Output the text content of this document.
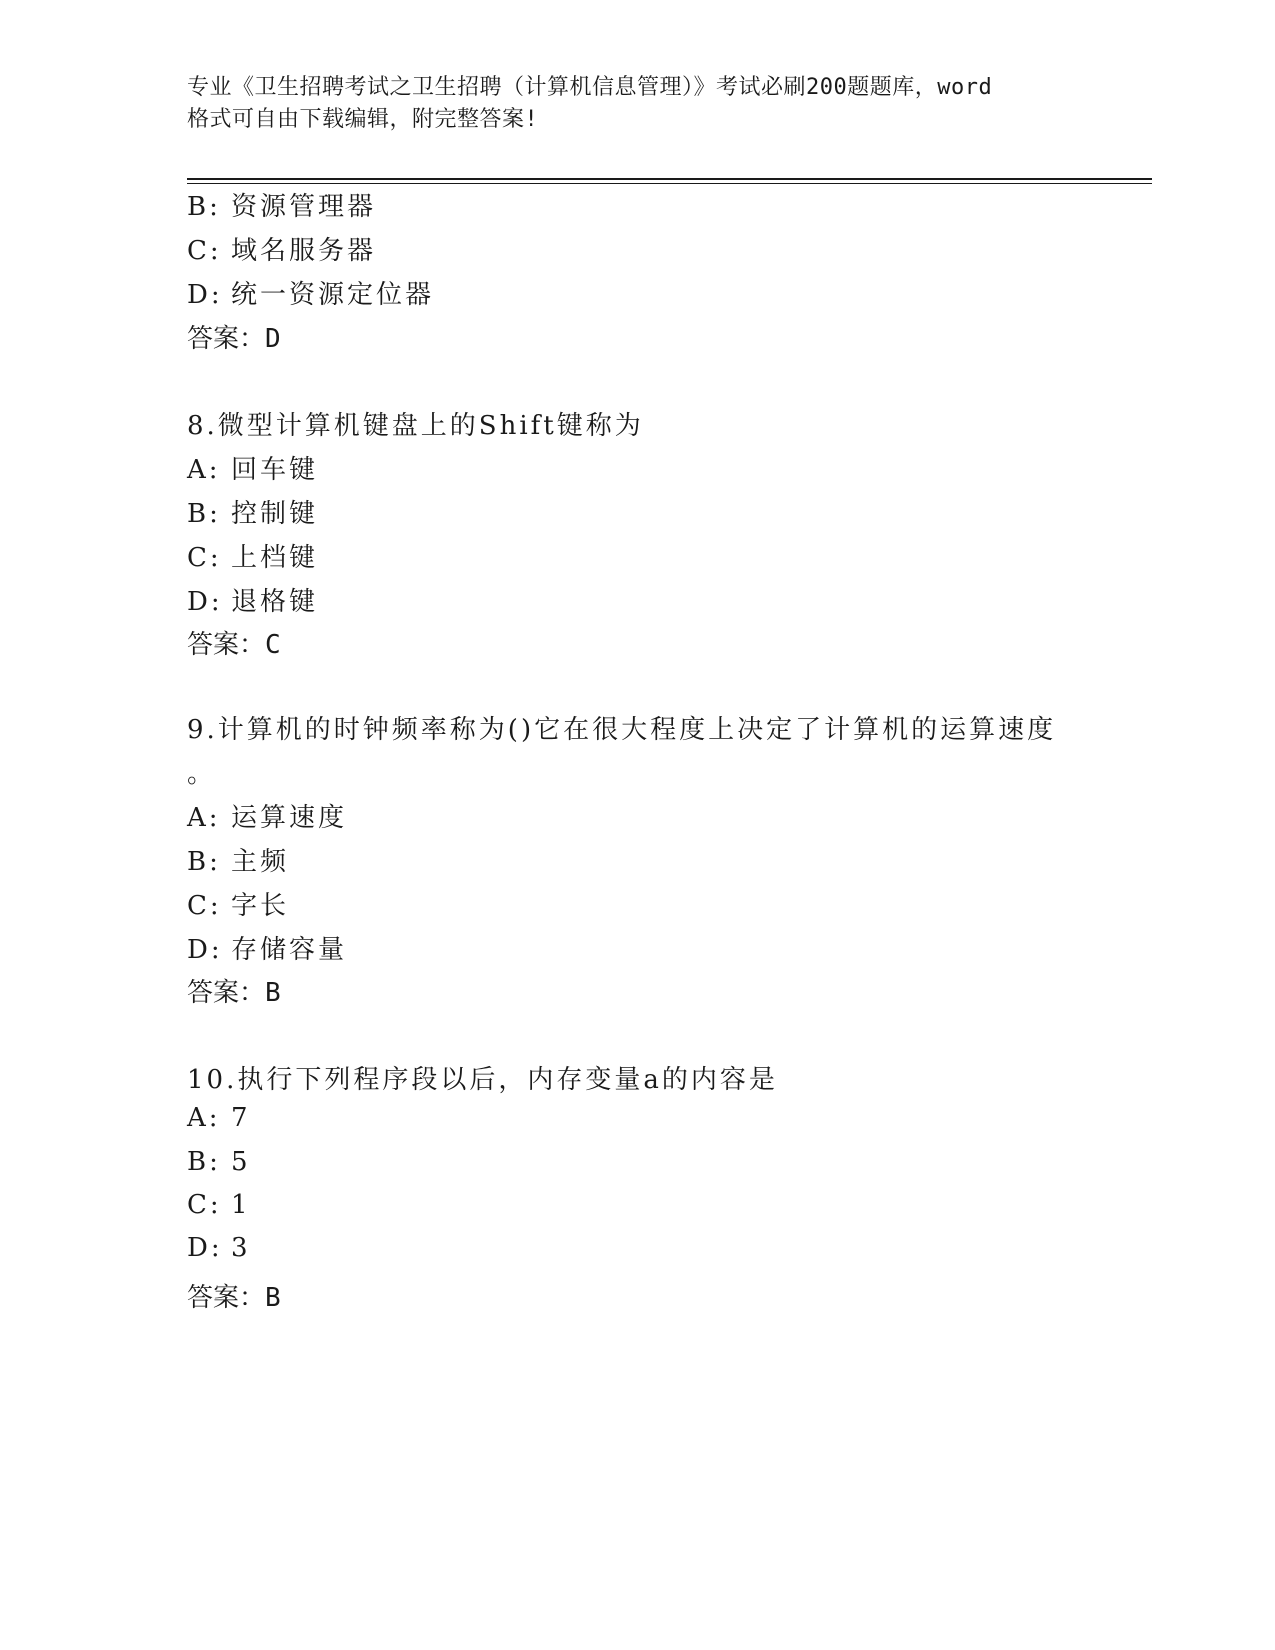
专业《卫生招聘考试之卫生招聘（计算机信息管理）》考试必刷200题题库，word
格式可自由下载编辑，附完整答案!
B: 资源管理器
C: 域名服务器
D: 统一资源定位器
答案：D
8.微型计算机键盘上的Shift键称为
A: 回车键
B: 控制键
C: 上档键
D: 退格键
答案：C
9.计算机的时钟频率称为()它在很大程度上决定了计算机的运算速度
。
A: 运算速度
B: 主频
C: 字长
D: 存储容量
答案：B
10.执行下列程序段以后，内存变量a的内容是
A: 7
B: 5
C: 1
D: 3
答案：B
